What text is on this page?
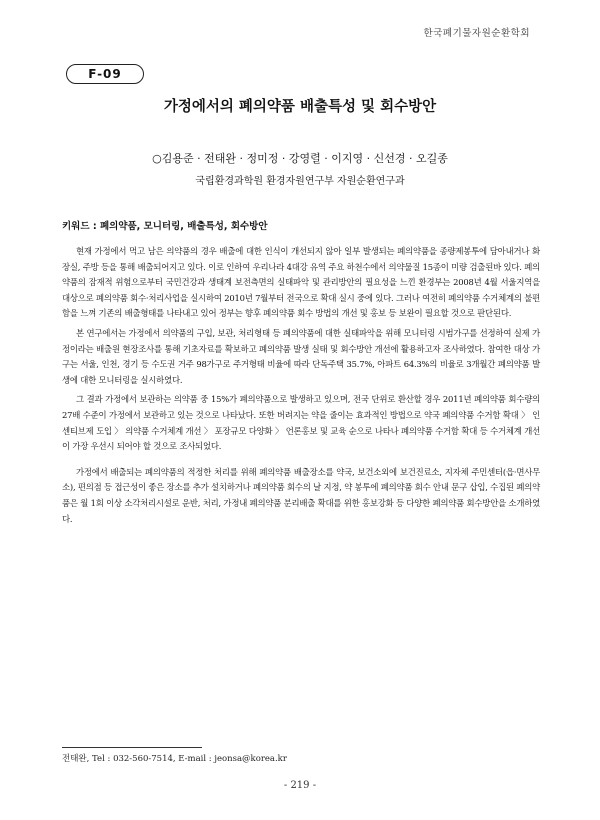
한국폐기물자원순환학회
F-09
가정에서의 폐의약품 배출특성 및 회수방안
○김용준 · 전태완 · 정미정 · 강영렬 · 이지영 · 신선경 · 오길종
국립환경과학원 환경자원연구부 자원순환연구과
키워드 : 폐의약품, 모니터링, 배출특성, 회수방안

현재 가정에서 먹고 남은 의약품의 경우 배출에 대한 인식이 개선되지 않아 일부 발생되는 폐의약품을 종량제봉투에 담아내거나 화장실, 주방 등을 통해 배출되어지고 있다. 이로 인하여 우리나라 4대강 유역 주요 하천수에서 의약물질 15종이 미량 검출된바 있다. 폐의약품의 잠재적 위험으로부터 국민건강과 생태계 보전측면의 실태파악 및 관리방안의 필요성을 느낀 환경부는 2008년 4월 서울지역을 대상으로 폐의약품 회수·처리사업을 실시하여 2010년 7월부터 전국으로 확대 실시 중에 있다. 그러나 여전히 폐의약품 수거체계의 불편함을 느껴 기존의 배출형태를 나타내고 있어 정부는 향후 폐의약품 회수 방법의 개선 및 홍보 등 보완이 필요할 것으로 판단된다.

본 연구에서는 가정에서 의약품의 구입, 보관, 처리형태 등 폐의약품에 대한 실태파악을 위해 모니터링 시범가구를 선정하여 실제 가정이라는 배출원 현장조사를 통해 기초자료를 확보하고 폐의약품 발생 실태 및 회수방안 개선에 활용하고자 조사하였다. 참여한 대상 가구는 서울, 인천, 경기 등 수도권 거주 98가구로 주거형태 비율에 따라 단독주택 35.7%, 아파트 64.3%의 비율로 3개월간 폐의약품 발생에 대한 모니터링을 실시하였다.

그 결과 가정에서 보관하는 의약품 중 15%가 폐의약품으로 발생하고 있으며, 전국 단위로 환산할 경우 2011년 폐의약품 회수량의 27배 수준이 가정에서 보관하고 있는 것으로 나타났다. 또한 버려지는 약을 줄이는 효과적인 방법으로 약국 폐의약품 수거함 확대 〉 인센티브제 도입 〉 의약품 수거체계 개선 〉 포장규모 다양화 〉 언론홍보 및 교육 순으로 나타나 폐의약품 수거함 확대 등 수거체계 개선이 가장 우선시 되어야 할 것으로 조사되었다.

가정에서 배출되는 폐의약품의 적정한 처리를 위해 폐의약품 배출장소를 약국, 보건소외에 보건진료소, 지자체 주민센터(읍·면사무소), 편의점 등 접근성이 좋은 장소를 추가 설치하거나 폐의약품 회수의 날 지정, 약 봉투에 폐의약품 회수 안내 문구 삽입, 수집된 폐의약품은 월 1회 이상 소각처리시설로 운반, 처리, 가정내 폐의약품 분리배출 확대를 위한 홍보강화 등 다양한 폐의약품 회수방안을 소개하였다.

전태완, Tel : 032-560-7514, E-mail : jeonsa@korea.kr
- 219 -
